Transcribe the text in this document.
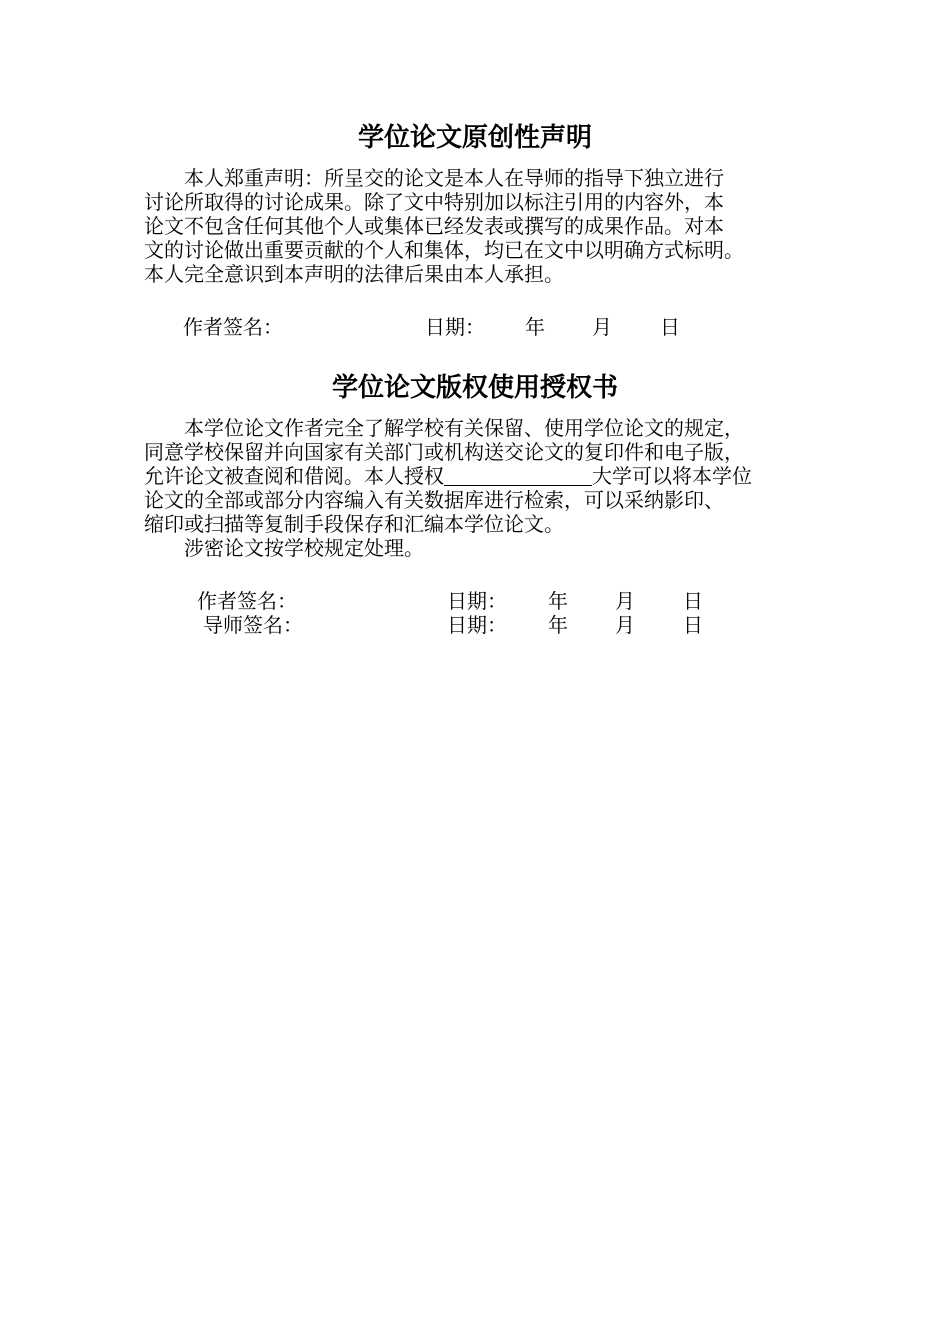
学位论文原创性声明
本人郑重声明：所呈交的论文是本人在导师的指导下独立进行
讨论所取得的讨论成果。除了文中特别加以标注引用的内容外，本
论文不包含任何其他个人或集体已经发表或撰写的成果作品。对本
文的讨论做出重要贡献的个人和集体，均已在文中以明确方式标明。
本人完全意识到本声明的法律后果由本人承担。
作者签名：	日期： 年 月 日
学位论文版权使用授权书
本学位论文作者完全了解学校有关保留、使用学位论文的规定，
同意学校保留并向国家有关部门或机构送交论文的复印件和电子版，
允许论文被查阅和借阅。本人授权	大学可以将本学位
论文的全部或部分内容编入有关数据库进行检索，可以采纳影印、
缩印或扫描等复制手段保存和汇编本学位论文。
涉密论文按学校规定处理。
作者签名：	日期： 年 月 日
导师签名：	日期： 年 月 日
